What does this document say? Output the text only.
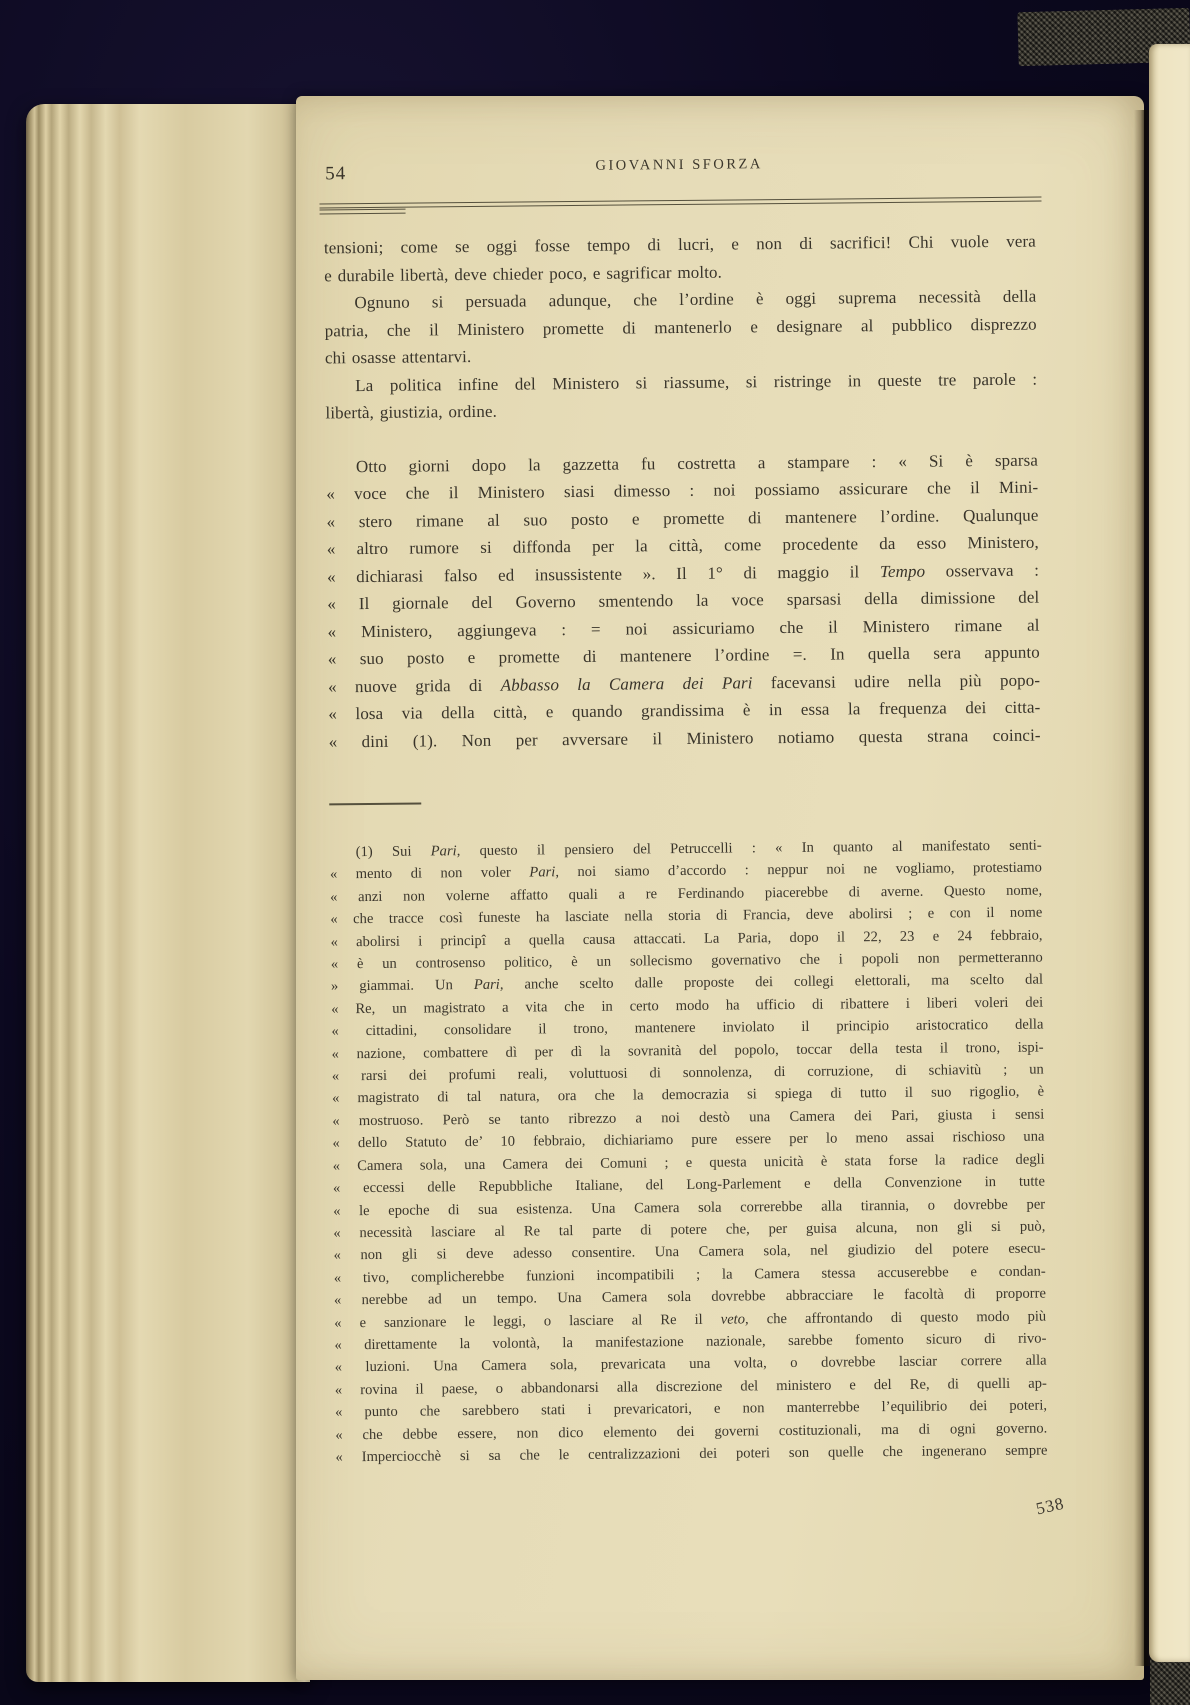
54	GIOVANNI SFORZA
tensioni; come se oggi fosse tempo di lucri, e non di sacrifici! Chi vuole vera
e durabile libertà, deve chieder poco, e sagrificar molto.
Ognuno si persuada adunque, che l’ordine è oggi suprema necessità della
patria, che il Ministero promette di mantenerlo e designare al pubblico disprezzo
chi osasse attentarvi.
La politica infine del Ministero si riassume, si ristringe in queste tre parole :
libertà, giustizia, ordine.
Otto giorni dopo la gazzetta fu costretta a stampare : « Si è sparsa
« voce che il Ministero siasi dimesso : noi possiamo assicurare che il Mini-
« stero rimane al suo posto e promette di mantenere l’ordine. Qualunque
« altro rumore si diffonda per la città, come procedente da esso Ministero,
« dichiarasi falso ed insussistente ». Il 1° di maggio il Tempo osservava :
« Il giornale del Governo smentendo la voce sparsasi della dimissione del
« Ministero, aggiungeva : = noi assicuriamo che il Ministero rimane al
« suo posto e promette di mantenere l’ordine =. In quella sera appunto
« nuove grida di Abbasso la Camera dei Pari facevansi udire nella più popo-
« losa via della città, e quando grandissima è in essa la frequenza dei citta-
« dini (1). Non per avversare il Ministero notiamo questa strana coinci-
(1) Sui Pari, questo il pensiero del Petruccelli : « In quanto al manifestato senti-
« mento di non voler Pari, noi siamo d’accordo : neppur noi ne vogliamo, protestiamo
« anzi non volerne affatto quali a re Ferdinando piacerebbe di averne. Questo nome,
« che tracce così funeste ha lasciate nella storia di Francia, deve abolirsi ; e con il nome
« abolirsi i principî a quella causa attaccati. La Paria, dopo il 22, 23 e 24 febbraio,
« è un controsenso politico, è un sollecismo governativo che i popoli non permetteranno
» giammai. Un Pari, anche scelto dalle proposte dei collegi elettorali, ma scelto dal
« Re, un magistrato a vita che in certo modo ha ufficio di ribattere i liberi voleri dei
« cittadini, consolidare il trono, mantenere inviolato il principio aristocratico della
« nazione, combattere dì per dì la sovranità del popolo, toccar della testa il trono, ispi-
« rarsi dei profumi reali, voluttuosi di sonnolenza, di corruzione, di schiavitù ; un
« magistrato di tal natura, ora che la democrazia si spiega di tutto il suo rigoglio, è
« mostruoso. Però se tanto ribrezzo a noi destò una Camera dei Pari, giusta i sensi
« dello Statuto de’ 10 febbraio, dichiariamo pure essere per lo meno assai rischioso una
« Camera sola, una Camera dei Comuni ; e questa unicità è stata forse la radice degli
« eccessi delle Repubbliche Italiane, del Long-Parlement e della Convenzione in tutte
« le epoche di sua esistenza. Una Camera sola correrebbe alla tirannia, o dovrebbe per
« necessità lasciare al Re tal parte di potere che, per guisa alcuna, non gli si può,
« non gli si deve adesso consentire. Una Camera sola, nel giudizio del potere esecu-
« tivo, complicherebbe funzioni incompatibili ; la Camera stessa accuserebbe e condan-
« nerebbe ad un tempo. Una Camera sola dovrebbe abbracciare le facoltà di proporre
« e sanzionare le leggi, o lasciare al Re il veto, che affrontando di questo modo più
« direttamente la volontà, la manifestazione nazionale, sarebbe fomento sicuro di rivo-
« luzioni. Una Camera sola, prevaricata una volta, o dovrebbe lasciar correre alla
« rovina il paese, o abbandonarsi alla discrezione del ministero e del Re, di quelli ap-
« punto che sarebbero stati i prevaricatori, e non manterrebbe l’equilibrio dei poteri,
« che debbe essere, non dico elemento dei governi costituzionali, ma di ogni governo.
« Imperciocchè si sa che le centralizzazioni dei poteri son quelle che ingenerano sempre
538
